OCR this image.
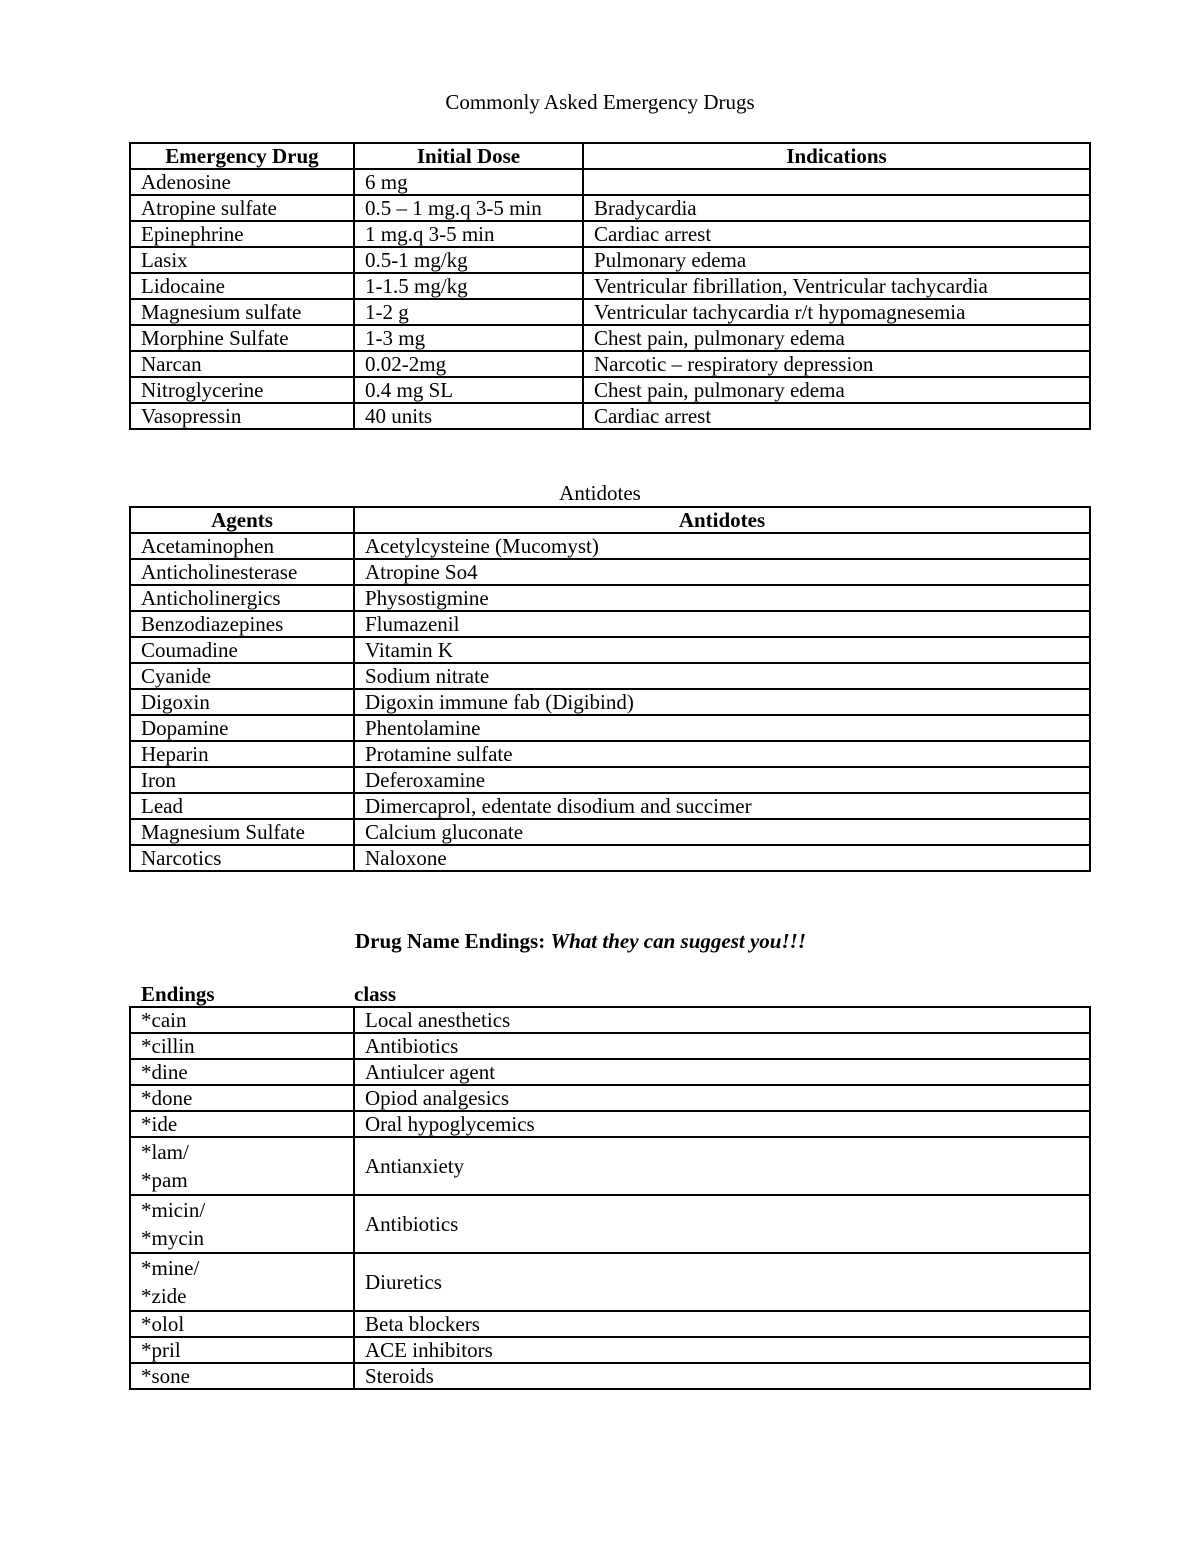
Commonly Asked Emergency Drugs
Emergency Drug	Initial Dose	Indications
Adenosine	6 mg	
Atropine sulfate	0.5 – 1 mg.q 3-5 min	Bradycardia
Epinephrine	1 mg.q 3-5 min	Cardiac arrest
Lasix	0.5-1 mg/kg	Pulmonary edema
Lidocaine	1-1.5 mg/kg	Ventricular fibrillation, Ventricular tachycardia
Magnesium sulfate	1-2 g	Ventricular tachycardia r/t hypomagnesemia
Morphine Sulfate	1-3 mg	Chest pain, pulmonary edema
Narcan	0.02-2mg	Narcotic – respiratory depression
Nitroglycerine	0.4 mg SL	Chest pain, pulmonary edema
Vasopressin	40 units	Cardiac arrest
Antidotes
Agents	Antidotes
Acetaminophen	Acetylcysteine (Mucomyst)
Anticholinesterase	Atropine So4
Anticholinergics	Physostigmine
Benzodiazepines	Flumazenil
Coumadine	Vitamin K
Cyanide	Sodium nitrate
Digoxin	Digoxin immune fab (Digibind)
Dopamine	Phentolamine
Heparin	Protamine sulfate
Iron	Deferoxamine
Lead	Dimercaprol, edentate disodium and succimer
Magnesium Sulfate	Calcium gluconate
Narcotics	Naloxone
Drug Name Endings: What they can suggest you!!!
Endings	class
*cain	Local anesthetics

*cillin	Antibiotics

*dine	Antiulcer agent

*done	Opiod analgesics

*ide	Oral hypoglycemics

*lam/
*pam	Antianxiety

*micin/
*mycin	Antibiotics

*mine/
*zide	Diuretics

*olol	Beta blockers

*pril	ACE inhibitors

*sone	Steroids
